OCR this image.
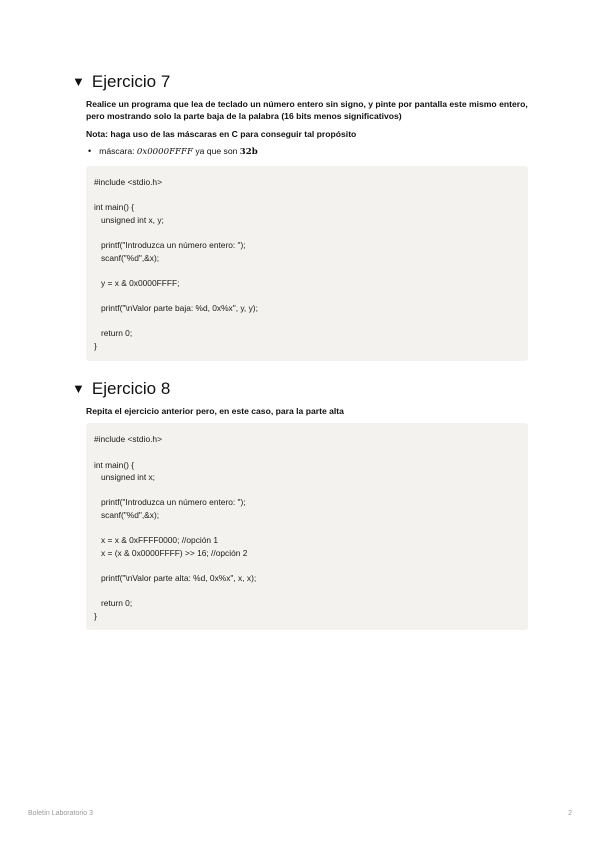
▼ Ejercicio 7
Realice un programa que lea de teclado un número entero sin signo, y pinte por pantalla este mismo entero, pero mostrando solo la parte baja de la palabra (16 bits menos significativos)
Nota: haga uso de las máscaras en C para conseguir tal propósito
• máscara: 0x0000FFFF ya que son 32b
#include <stdio.h>
int main() {
unsigned int x, y;
printf("Introduzca un número entero: ");
scanf("%d",&x);
y = x & 0x0000FFFF;
printf("\nValor parte baja: %d, 0x%x", y, y);
return 0;
}
▼ Ejercicio 8
Repita el ejercicio anterior pero, en este caso, para la parte alta
#include <stdio.h>
int main() {
unsigned int x;
printf("Introduzca un número entero: ");
scanf("%d",&x);
x = x & 0xFFFF0000; //opción 1
x = (x & 0x0000FFFF) >> 16; //opción 2
printf("\nValor parte alta: %d, 0x%x", x, x);
return 0;
}
Boletín Laboratorio 3	2
